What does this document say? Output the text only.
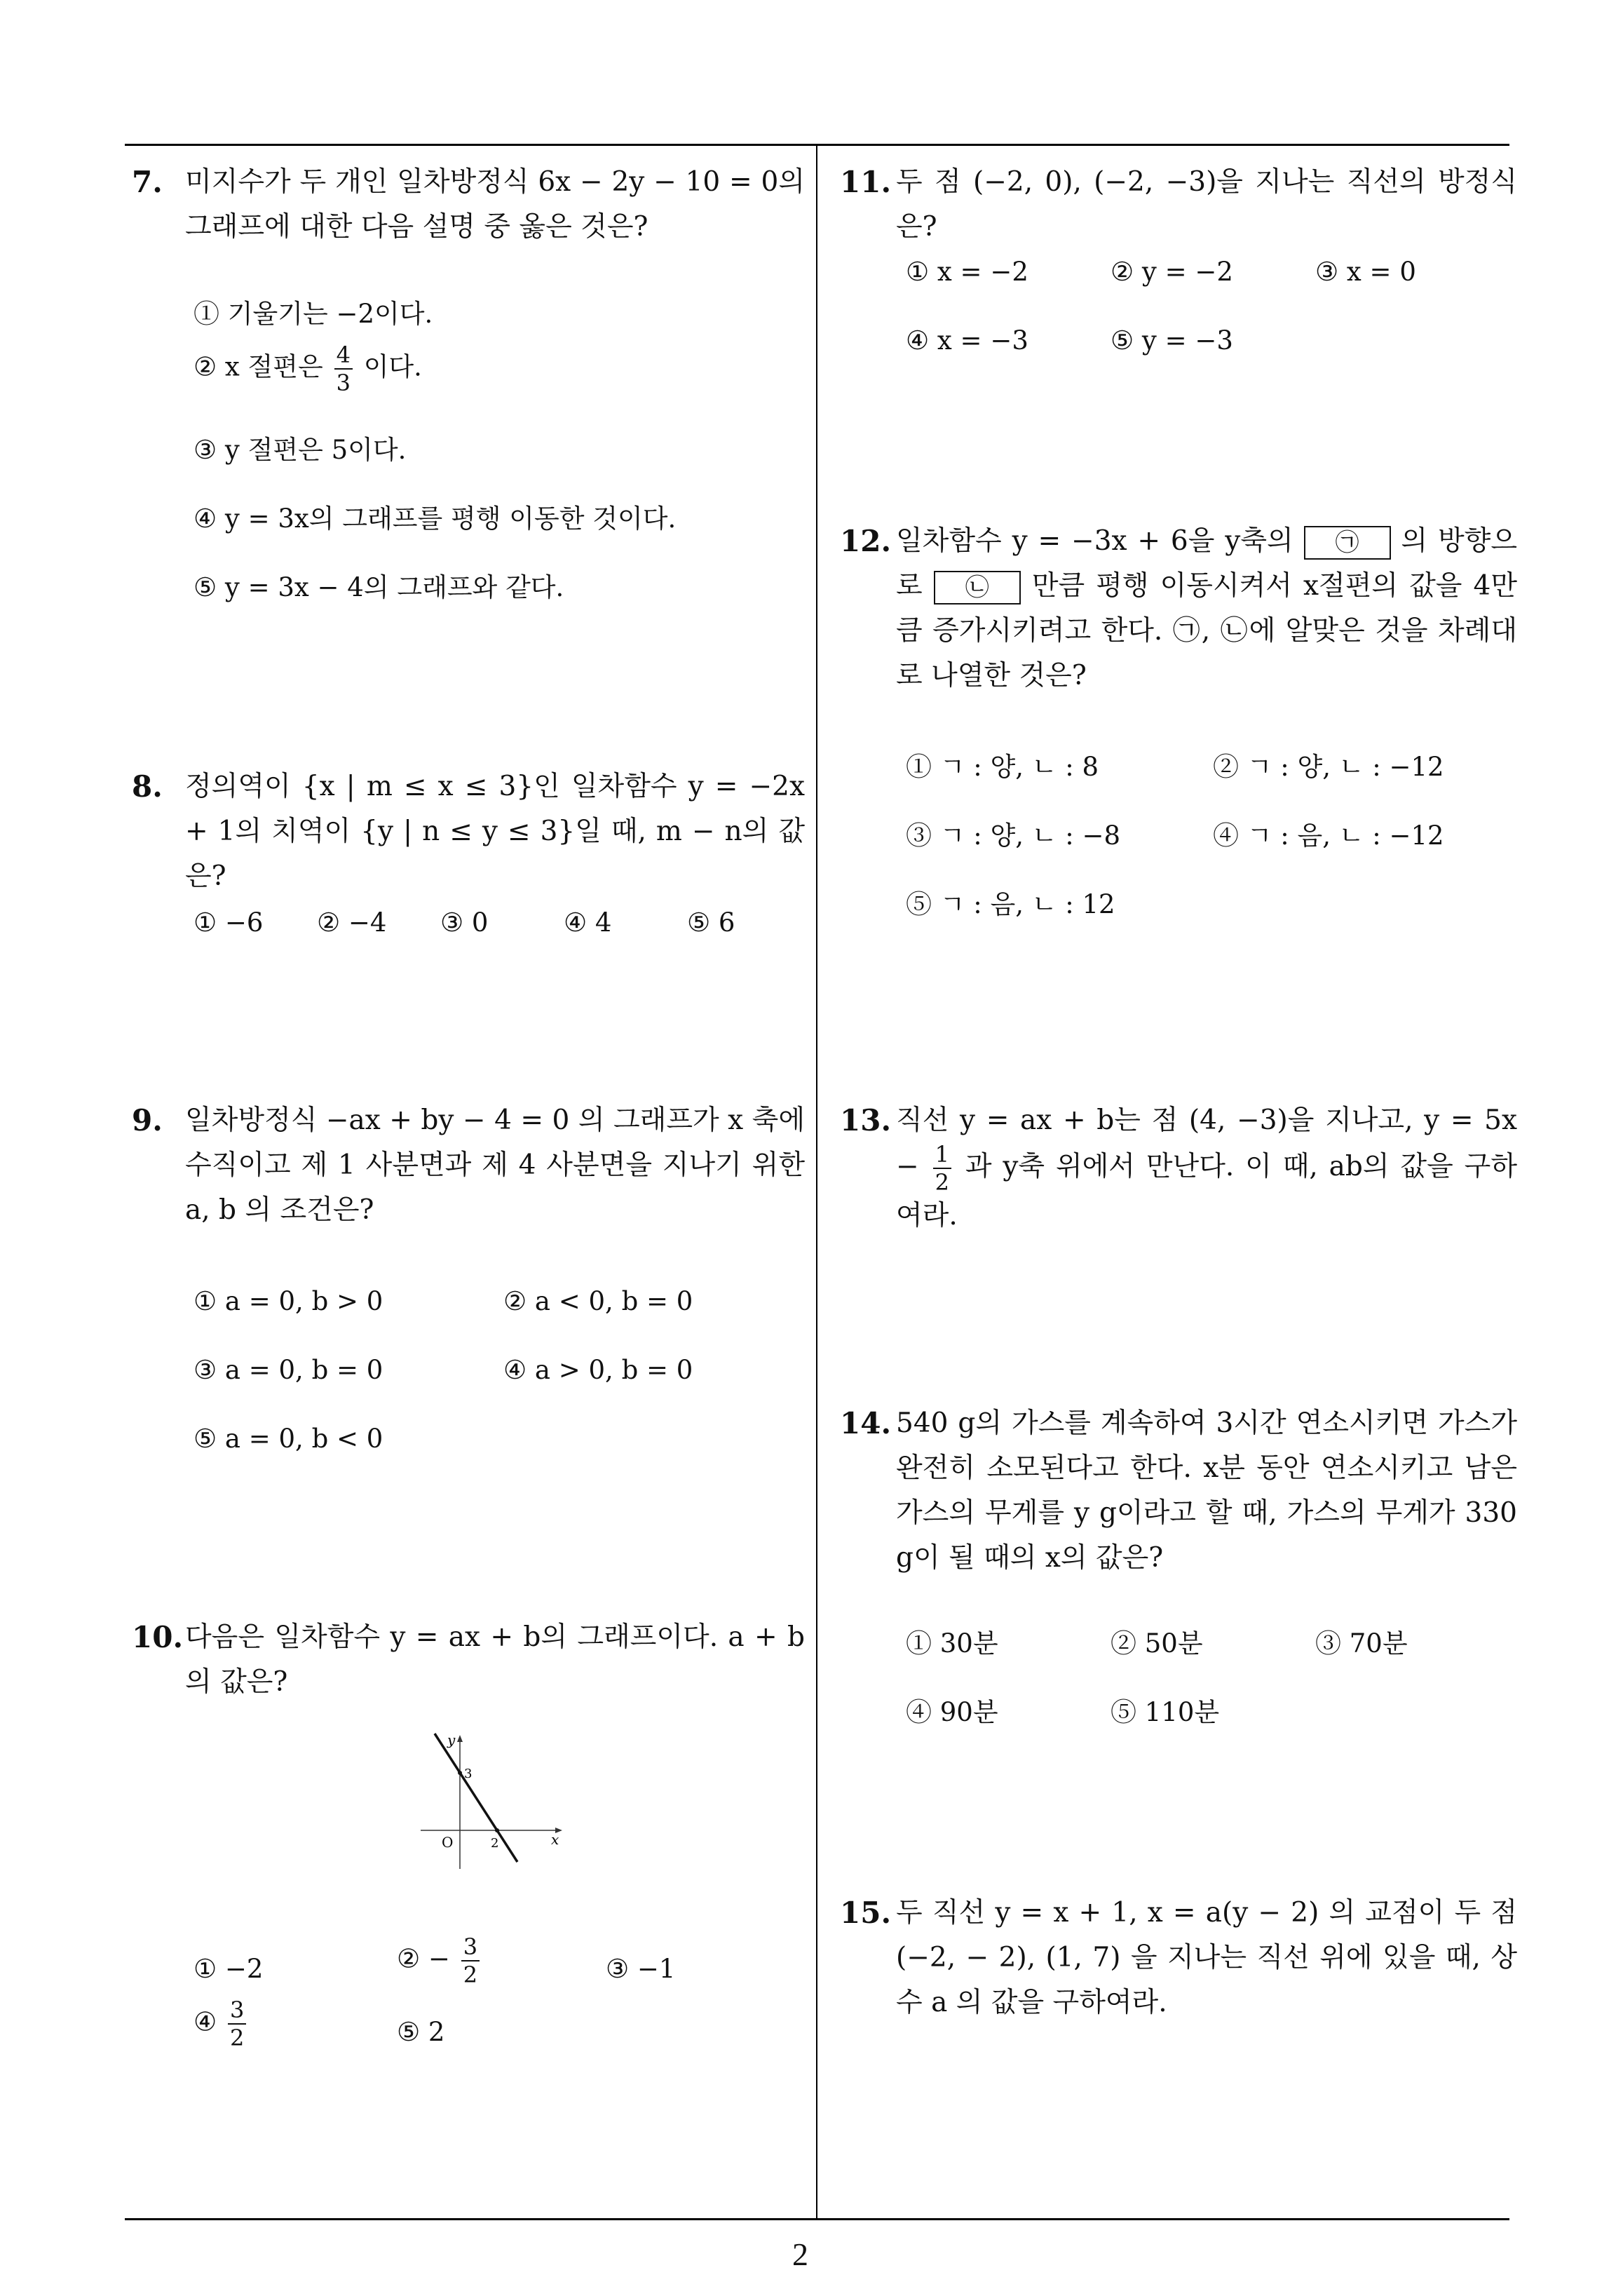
7. 미지수가 두 개인 일차방정식 6x − 2y − 10 = 0의 그래프에 대한 다음 설명 중 옳은 것은?
① 기울기는 −2이다.
② x 절편은 $\frac{4}{3}$ 이다.
③ y 절편은 5이다.
④ y = 3x의 그래프를 평행 이동한 것이다.
⑤ y = 3x − 4의 그래프와 같다.
8. 정의역이 {x | m ≤ x ≤ 3}인 일차함수 y = −2x + 1의 치역이 {y | n ≤ y ≤ 3}일 때, m − n의 값은?
① −6 ② −4 ③ 0	④ 4	⑤ 6
9. 일차방정식 −ax + by − 4 = 0 의 그래프가 x 축에 수직이고 제 1 사분면과 제 4 사분면을 지나기 위한 a, b 의 조건은?
① a = 0, b > 0	② a < 0, b = 0
③ a = 0, b = 0	④ a > 0, b = 0
⑤ a = 0, b < 0
10. 다음은 일차함수 y = ax + b의 그래프이다. a + b의 값은?
y
x
O
3
2
① −2	② − $\frac{3}{2}$	③ −1
④ $\frac{3}{2}$	⑤ 2
11. 두 점 (−2, 0), (−2, −3)을 지나는 직선의 방정식은?
① x = −2	② y = −2	③ x = 0
④ x = −3	⑤ y = −3
12. 일차함수 y = −3x + 6을 y축의 ㉠ 의 방향으로 ㉡ 만큼 평행 이동시켜서 x절편의 값을 4만큼 증가시키려고 한다. ㉠, ㉡에 알맞은 것을 차례대로 나열한 것은?
① ㄱ : 양, ㄴ : 8	② ㄱ : 양, ㄴ : −12
③ ㄱ : 양, ㄴ : −8	④ ㄱ : 음, ㄴ : −12
⑤ ㄱ : 음, ㄴ : 12
13. 직선 y = ax + b는 점 (4, −3)을 지나고, $y = 5x - \frac{1}{2}$ 과 y축 위에서 만난다. 이 때, ab의 값을 구하여라.
14. 540 g의 가스를 계속하여 3시간 연소시키면 가스가 완전히 소모된다고 한다. x분 동안 연소시키고 남은 가스의 무게를 y g이라고 할 때, 가스의 무게가 330 g이 될 때의 x의 값은?
① 30분	② 50분	③ 70분
④ 90분	⑤ 110분
15. 두 직선 y = x + 1, x = a(y − 2) 의 교점이 두 점 (−2, − 2), (1, 7) 을 지나는 직선 위에 있을 때, 상수 a 의 값을 구하여라.
2
